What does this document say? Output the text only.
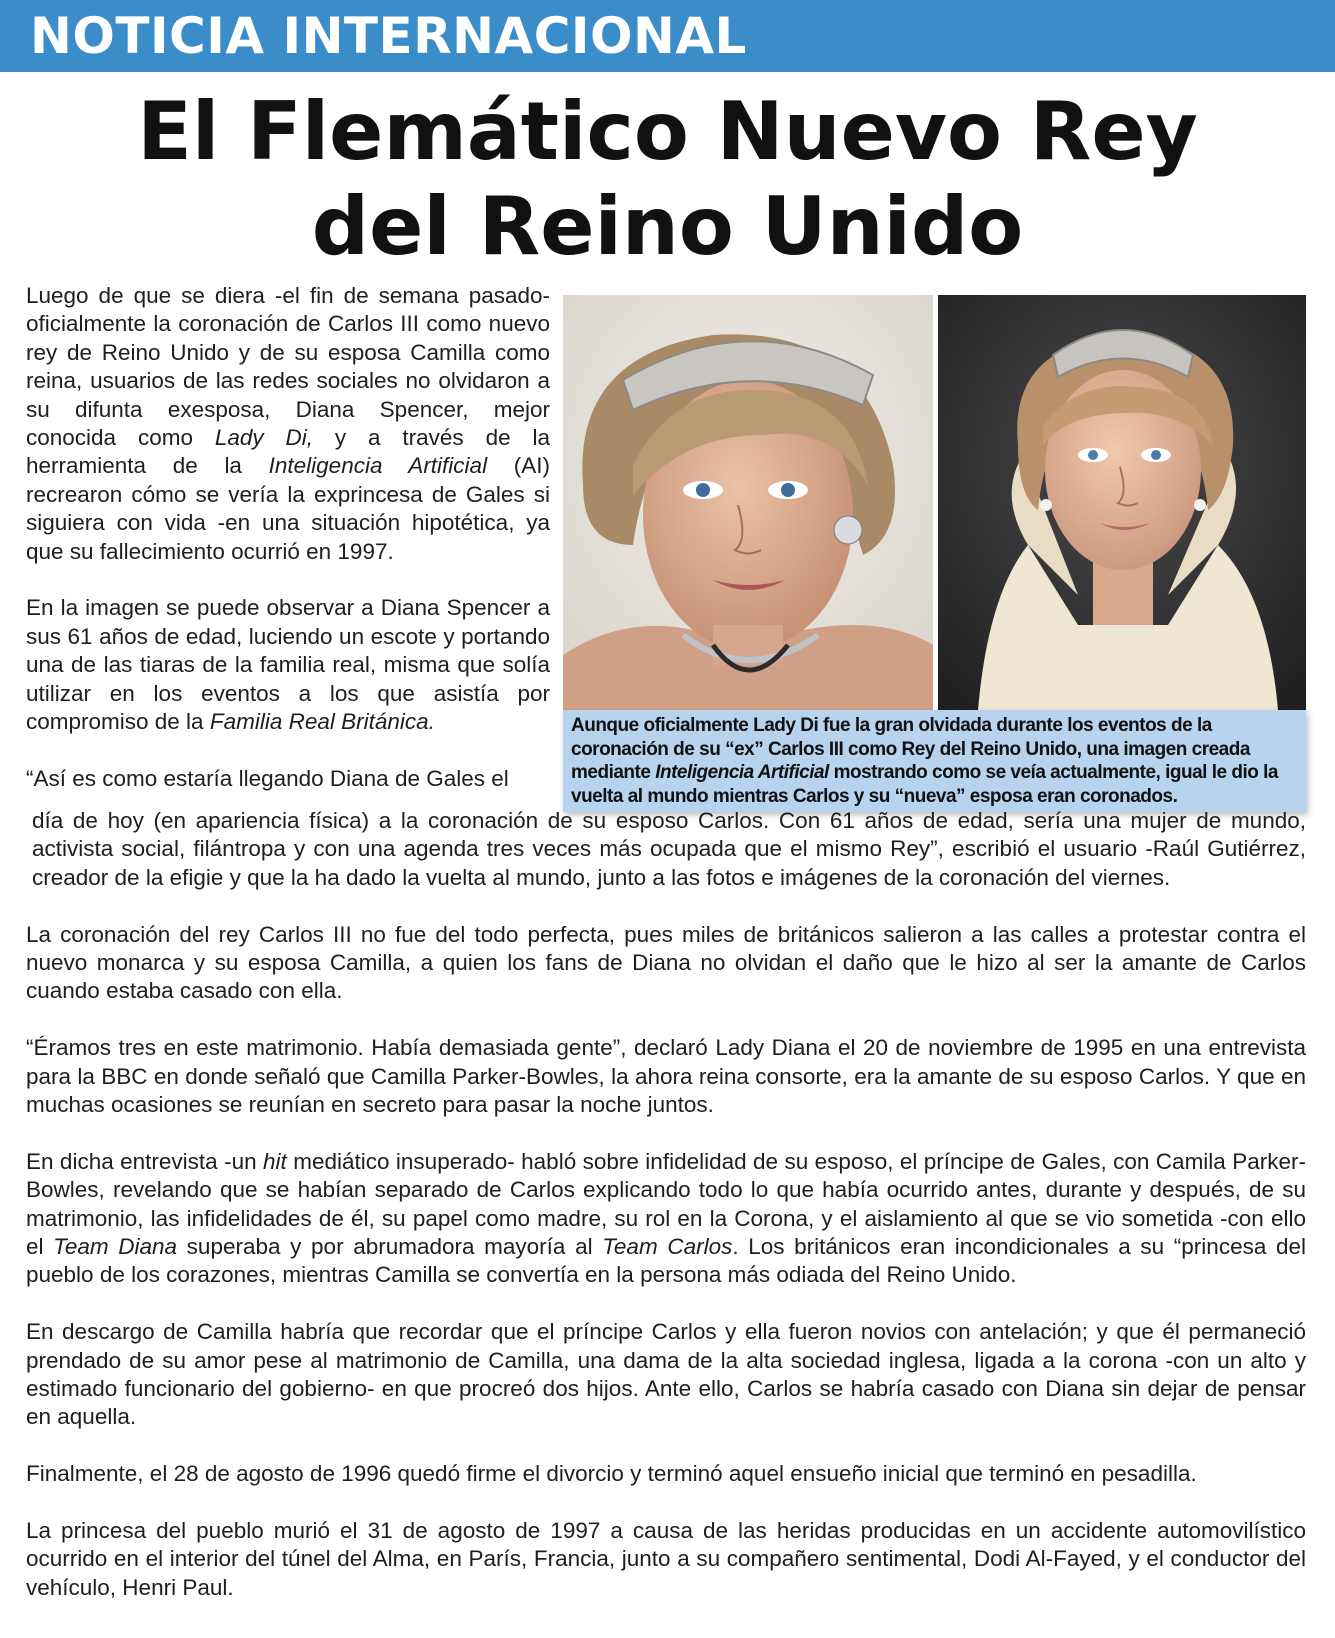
NOTICIA INTERNACIONAL
El Flemático Nuevo Rey
del Reino Unido

Luego de que se diera -el fin de semana pasado- oficialmente la coronación de Carlos III como nuevo rey de Reino Unido y de su esposa Camilla como reina, usuarios de las redes sociales no olvidaron a su difunta exesposa, Diana Spencer, mejor conocida como Lady Di, y a través de la herramienta de la Inteligencia Artificial (AI) recrearon cómo se vería la exprincesa de Gales si siguiera con vida -en una situación hipotética, ya que su fallecimiento ocurrió en 1997.

En la imagen se puede observar a Diana Spencer a sus 61 años de edad, luciendo un escote y portando una de las tiaras de la familia real, misma que solía utilizar en los eventos a los que asistía por compromiso de la Familia Real Británica.

“Así es como estaría llegando Diana de Gales el

Aunque oficialmente Lady Di fue la gran olvidada durante los eventos de la coronación de su “ex” Carlos III como Rey del Reino Unido, una imagen creada mediante Inteligencia Artificial mostrando como se veía actualmente, igual le dio la vuelta al mundo mientras Carlos y su “nueva” esposa eran coronados.

día de hoy (en apariencia física) a la coronación de su esposo Carlos. Con 61 años de edad, sería una mujer de mundo, activista social, filántropa y con una agenda tres veces más ocupada que el mismo Rey”, escribió el usuario -Raúl Gutiérrez, creador de la efigie y que la ha dado la vuelta al mundo, junto a las fotos e imágenes de la coronación del viernes.

La coronación del rey Carlos III no fue del todo perfecta, pues miles de británicos salieron a las calles a protestar contra el nuevo monarca y su esposa Camilla, a quien los fans de Diana no olvidan el daño que le hizo al ser la amante de Carlos cuando estaba casado con ella.

“Éramos tres en este matrimonio. Había demasiada gente”, declaró Lady Diana el 20 de noviembre de 1995 en una entrevista para la BBC en donde señaló que Camilla Parker-Bowles, la ahora reina consorte, era la amante de su esposo Carlos. Y que en muchas ocasiones se reunían en secreto para pasar la noche juntos.

En dicha entrevista -un hit mediático insuperado- habló sobre infidelidad de su esposo, el príncipe de Gales, con Camila Parker-Bowles, revelando que se habían separado de Carlos explicando todo lo que había ocurrido antes, durante y después, de su matrimonio, las infidelidades de él, su papel como madre, su rol en la Corona, y el aislamiento al que se vio sometida -con ello el Team Diana superaba y por abrumadora mayoría al Team Carlos. Los británicos eran incondicionales a su “princesa del pueblo de los corazones, mientras Camilla se convertía en la persona más odiada del Reino Unido.

En descargo de Camilla habría que recordar que el príncipe Carlos y ella fueron novios con antelación; y que él permaneció prendado de su amor pese al matrimonio de Camilla, una dama de la alta sociedad inglesa, ligada a la corona -con un alto y estimado funcionario del gobierno- en que procreó dos hijos. Ante ello, Carlos se habría casado con Diana sin dejar de pensar en aquella.

Finalmente, el 28 de agosto de 1996 quedó firme el divorcio y terminó aquel ensueño inicial que terminó en pesadilla.

La princesa del pueblo murió el 31 de agosto de 1997 a causa de las heridas producidas en un accidente automovilístico ocurrido en el interior del túnel del Alma, en París, Francia, junto a su compañero sentimental, Dodi Al-Fayed, y el conductor del vehículo, Henri Paul.
